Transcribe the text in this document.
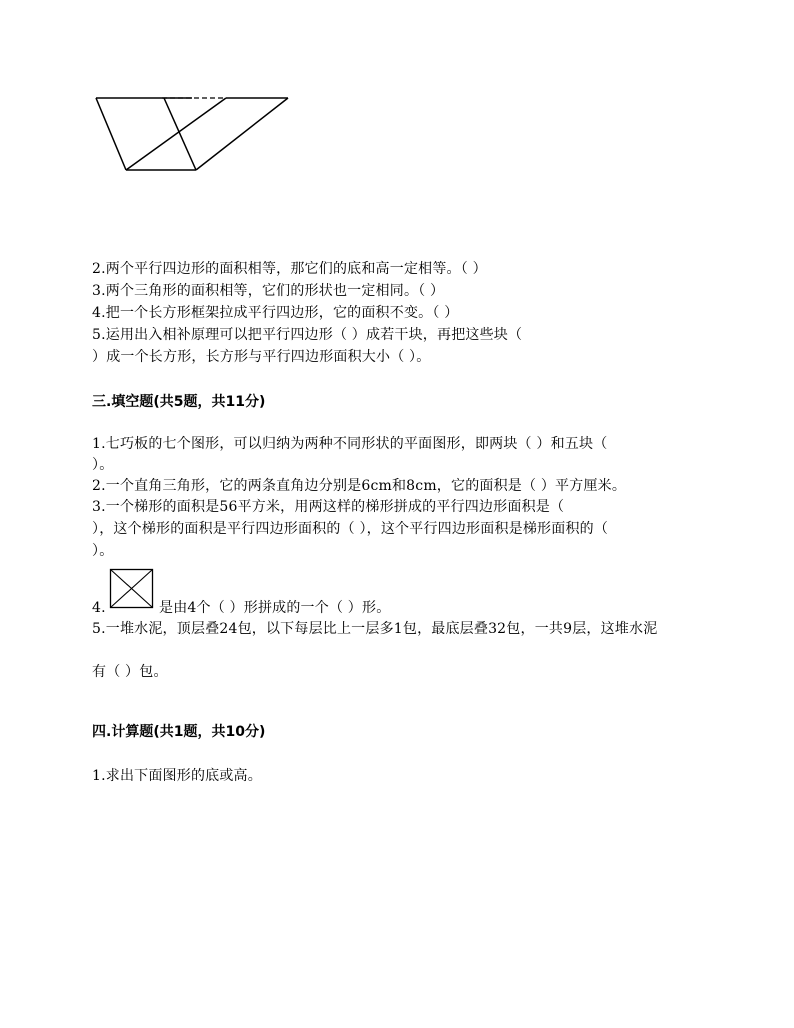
2.两个平行四边形的面积相等，那它们的底和高一定相等。（ ）
3.两个三角形的面积相等，它们的形状也一定相同。（ ）
4.把一个长方形框架拉成平行四边形，它的面积不变。（ ）
5.运用出入相补原理可以把平行四边形（ ）成若干块，再把这些块（
）成一个长方形，长方形与平行四边形面积大小（ ）。
三.填空题(共5题，共11分)
1.七巧板的七个图形，可以归纳为两种不同形状的平面图形，即两块（ ）和五块（
）。
2.一个直角三角形，它的两条直角边分别是6cm和8cm，它的面积是（ ）平方厘米。
3.一个梯形的面积是56平方米，用两这样的梯形拼成的平行四边形面积是（
），这个梯形的面积是平行四边形面积的（ ），这个平行四边形面积是梯形面积的（
）。
4.	是由4个（ ）形拼成的一个（ ）形。
5.一堆水泥，顶层叠24包，以下每层比上一层多1包，最底层叠32包，一共9层，这堆水泥
有（ ）包。
四.计算题(共1题，共10分)
1.求出下面图形的底或高。
